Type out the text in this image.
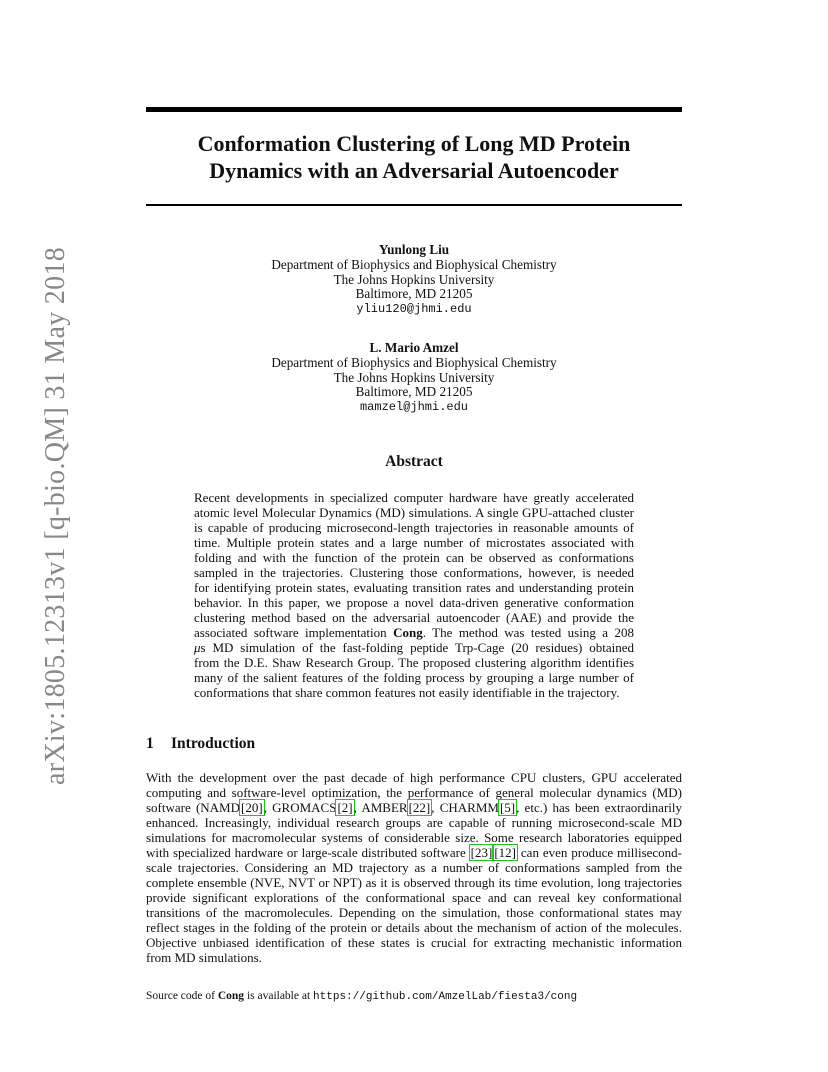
arXiv:1805.12313v1 [q-bio.QM] 31 May 2018
Conformation Clustering of Long MD Protein
Dynamics with an Adversarial Autoencoder
Yunlong Liu
Department of Biophysics and Biophysical Chemistry
The Johns Hopkins University
Baltimore, MD 21205
yliu120@jhmi.edu
L. Mario Amzel
Department of Biophysics and Biophysical Chemistry
The Johns Hopkins University
Baltimore, MD 21205
mamzel@jhmi.edu
Abstract
Recent developments in specialized computer hardware have greatly accelerated
atomic level Molecular Dynamics (MD) simulations. A single GPU-attached cluster
is capable of producing microsecond-length trajectories in reasonable amounts of
time. Multiple protein states and a large number of microstates associated with
folding and with the function of the protein can be observed as conformations
sampled in the trajectories. Clustering those conformations, however, is needed
for identifying protein states, evaluating transition rates and understanding protein
behavior. In this paper, we propose a novel data-driven generative conformation
clustering method based on the adversarial autoencoder (AAE) and provide the
associated software implementation Cong. The method was tested using a 208
μs MD simulation of the fast-folding peptide Trp-Cage (20 residues) obtained
from the D.E. Shaw Research Group. The proposed clustering algorithm identifies
many of the salient features of the folding process by grouping a large number of
conformations that share common features not easily identifiable in the trajectory.
1 Introduction
With the development over the past decade of high performance CPU clusters, GPU accelerated
computing and software-level optimization, the performance of general molecular dynamics (MD)
software (NAMD[20], GROMACS[2], AMBER[22], CHARMM[5], etc.) has been extraordinarily
enhanced. Increasingly, individual research groups are capable of running microsecond-scale MD
simulations for macromolecular systems of considerable size. Some research laboratories equipped
with specialized hardware or large-scale distributed software [23] [12] can even produce millisecond-
scale trajectories. Considering an MD trajectory as a number of conformations sampled from the
complete ensemble (NVE, NVT or NPT) as it is observed through its time evolution, long trajectories
provide significant explorations of the conformational space and can reveal key conformational
transitions of the macromolecules. Depending on the simulation, those conformational states may
reflect stages in the folding of the protein or details about the mechanism of action of the molecules.
Objective unbiased identification of these states is crucial for extracting mechanistic information
from MD simulations.
Source code of Cong is available at https://github.com/AmzelLab/fiesta3/cong
